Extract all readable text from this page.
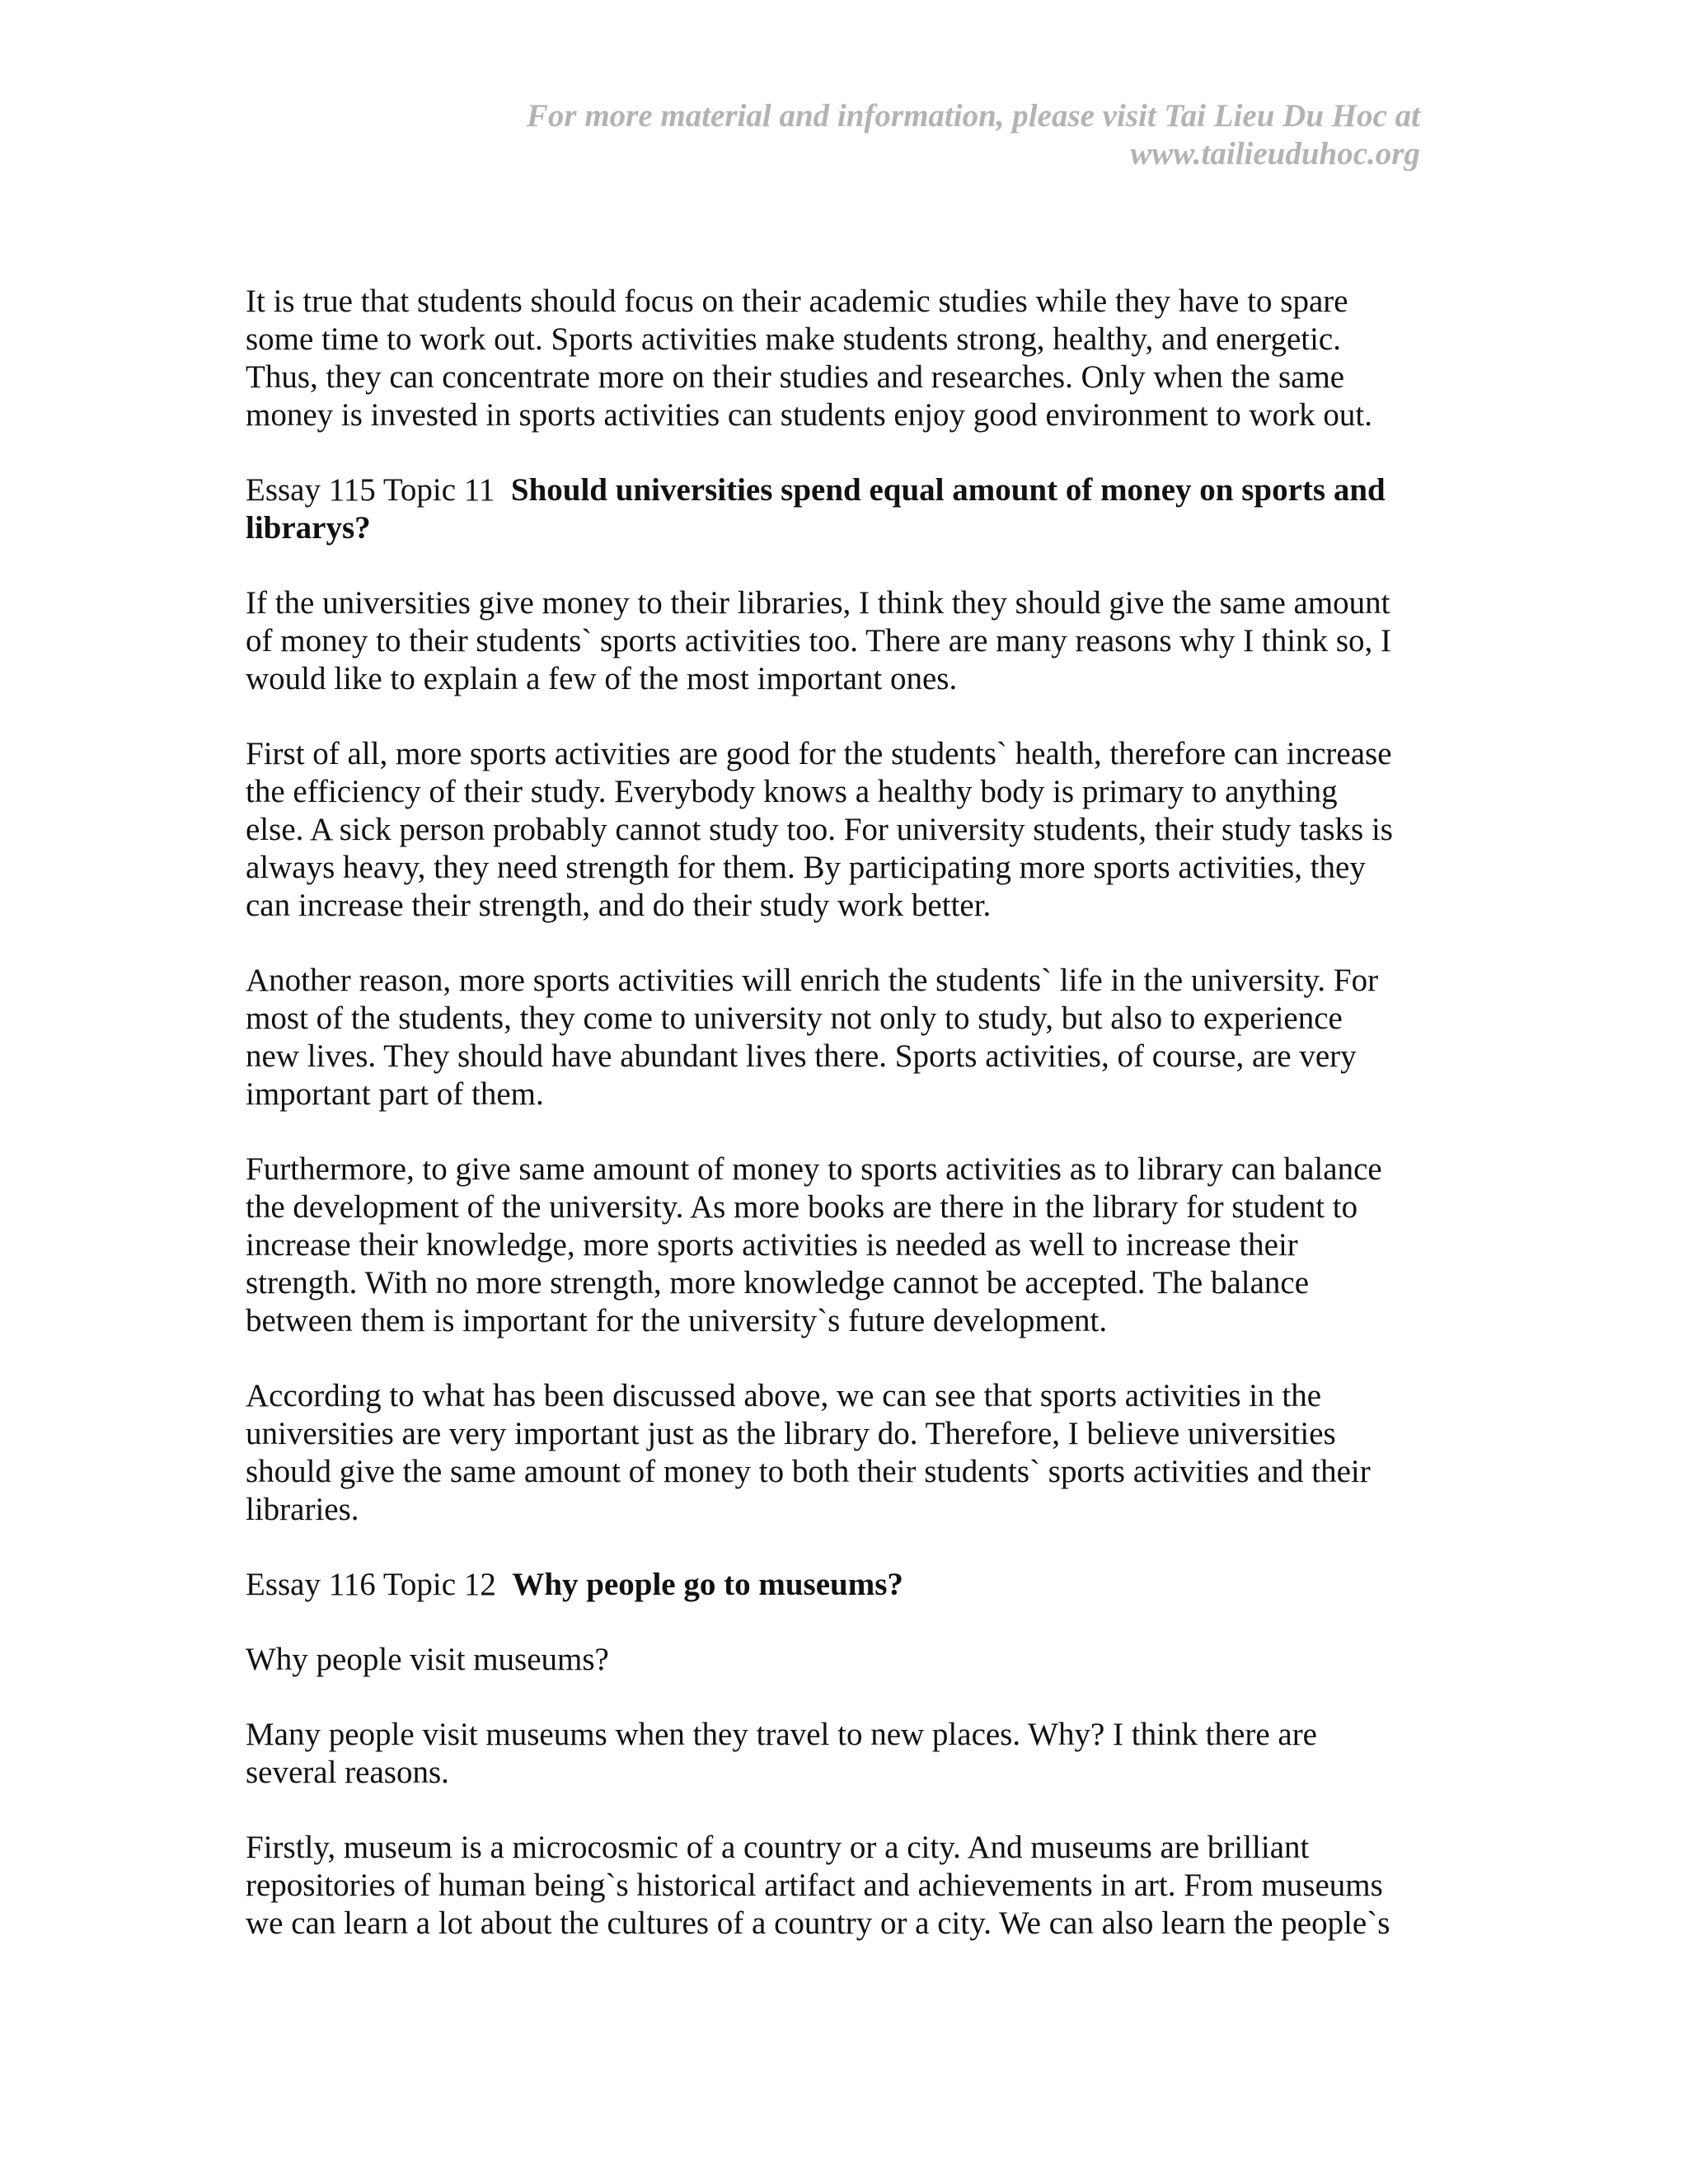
For more material and information, please visit Tai Lieu Du Hoc at
www.tailieuduhoc.org
It is true that students should focus on their academic studies while they have to spare
some time to work out. Sports activities make students strong, healthy, and energetic.
Thus, they can concentrate more on their studies and researches. Only when the same
money is invested in sports activities can students enjoy good environment to work out.
Essay 115 Topic 11 Should universities spend equal amount of money on sports and
librarys?
If the universities give money to their libraries, I think they should give the same amount
of money to their students` sports activities too. There are many reasons why I think so, I
would like to explain a few of the most important ones.
First of all, more sports activities are good for the students` health, therefore can increase
the efficiency of their study. Everybody knows a healthy body is primary to anything
else. A sick person probably cannot study too. For university students, their study tasks is
always heavy, they need strength for them. By participating more sports activities, they
can increase their strength, and do their study work better.
Another reason, more sports activities will enrich the students` life in the university. For
most of the students, they come to university not only to study, but also to experience
new lives. They should have abundant lives there. Sports activities, of course, are very
important part of them.
Furthermore, to give same amount of money to sports activities as to library can balance
the development of the university. As more books are there in the library for student to
increase their knowledge, more sports activities is needed as well to increase their
strength. With no more strength, more knowledge cannot be accepted. The balance
between them is important for the university`s future development.
According to what has been discussed above, we can see that sports activities in the
universities are very important just as the library do. Therefore, I believe universities
should give the same amount of money to both their students` sports activities and their
libraries.
Essay 116 Topic 12 Why people go to museums?
Why people visit museums?
Many people visit museums when they travel to new places. Why? I think there are
several reasons.
Firstly, museum is a microcosmic of a country or a city. And museums are brilliant
repositories of human being`s historical artifact and achievements in art. From museums
we can learn a lot about the cultures of a country or a city. We can also learn the people`s
